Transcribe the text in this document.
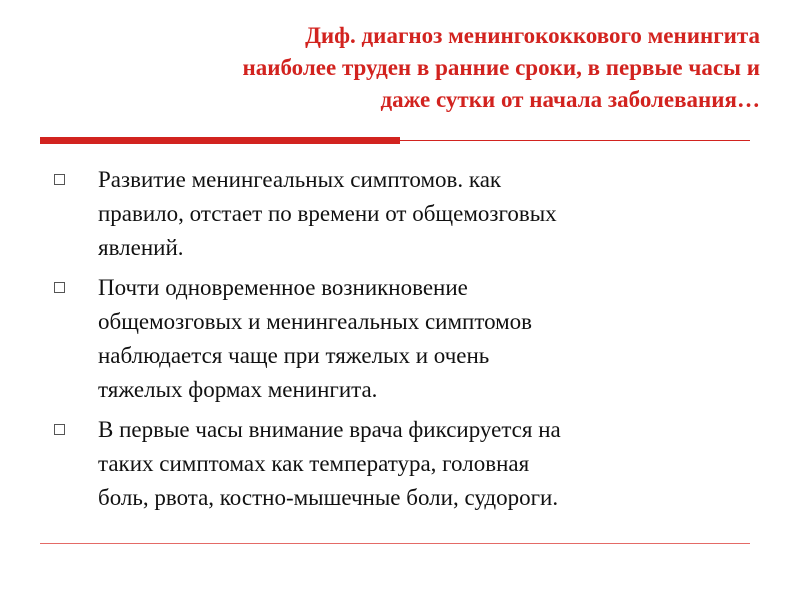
Диф. диагноз менингококкового менингита
наиболее труден в ранние сроки, в первые часы и
даже сутки от начала заболевания…
Развитие менингеальных симптомов. как
правило, отстает по времени от общемозговых
явлений.
Почти одновременное возникновение
общемозговых и менингеальных симптомов
наблюдается чаще при тяжелых и очень
тяжелых формах менингита.
В первые часы внимание врача фиксируется на
таких симптомах как температура, головная
боль, рвота, костно-мышечные боли, судороги.
